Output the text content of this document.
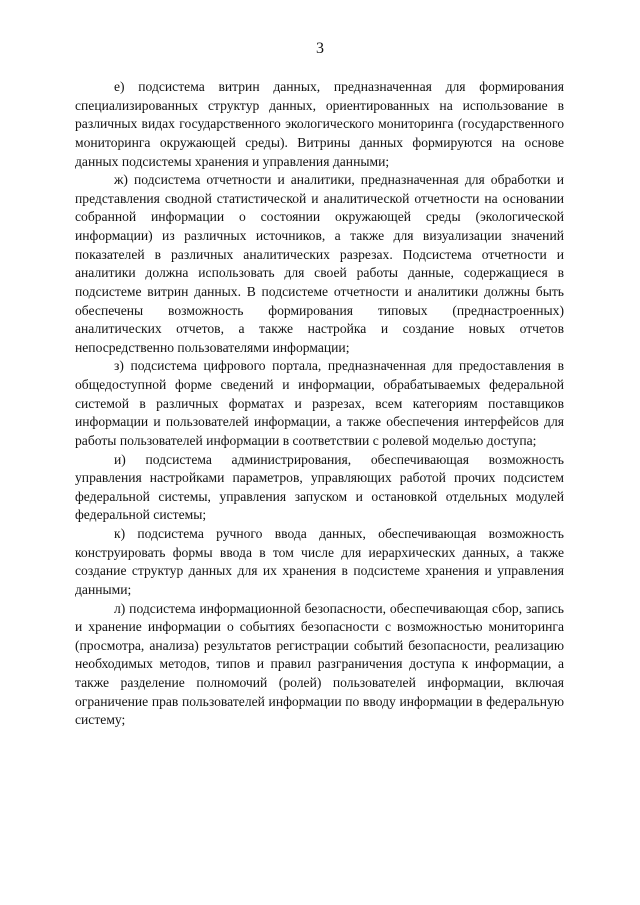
3

е) подсистема витрин данных, предназначенная для формирования специализированных структур данных, ориентированных на использование в различных видах государственного экологического мониторинга (государственного мониторинга окружающей среды). Витрины данных формируются на основе данных подсистемы хранения и управления данными;

ж) подсистема отчетности и аналитики, предназначенная для обработки и представления сводной статистической и аналитической отчетности на основании собранной информации о состоянии окружающей среды (экологической информации) из различных источников, а также для визуализации значений показателей в различных аналитических разрезах. Подсистема отчетности и аналитики должна использовать для своей работы данные, содержащиеся в подсистеме витрин данных. В подсистеме отчетности и аналитики должны быть обеспечены возможность формирования типовых (преднастроенных) аналитических отчетов, а также настройка и создание новых отчетов непосредственно пользователями информации;

з) подсистема цифрового портала, предназначенная для предоставления в общедоступной форме сведений и информации, обрабатываемых федеральной системой в различных форматах и разрезах, всем категориям поставщиков информации и пользователей информации, а также обеспечения интерфейсов для работы пользователей информации в соответствии с ролевой моделью доступа;

и) подсистема администрирования, обеспечивающая возможность управления настройками параметров, управляющих работой прочих подсистем федеральной системы, управления запуском и остановкой отдельных модулей федеральной системы;

к) подсистема ручного ввода данных, обеспечивающая возможность конструировать формы ввода в том числе для иерархических данных, а также создание структур данных для их хранения в подсистеме хранения и управления данными;

л) подсистема информационной безопасности, обеспечивающая сбор, запись и хранение информации о событиях безопасности с возможностью мониторинга (просмотра, анализа) результатов регистрации событий безопасности, реализацию необходимых методов, типов и правил разграничения доступа к информации, а также разделение полномочий (ролей) пользователей информации, включая ограничение прав пользователей информации по вводу информации в федеральную систему;
